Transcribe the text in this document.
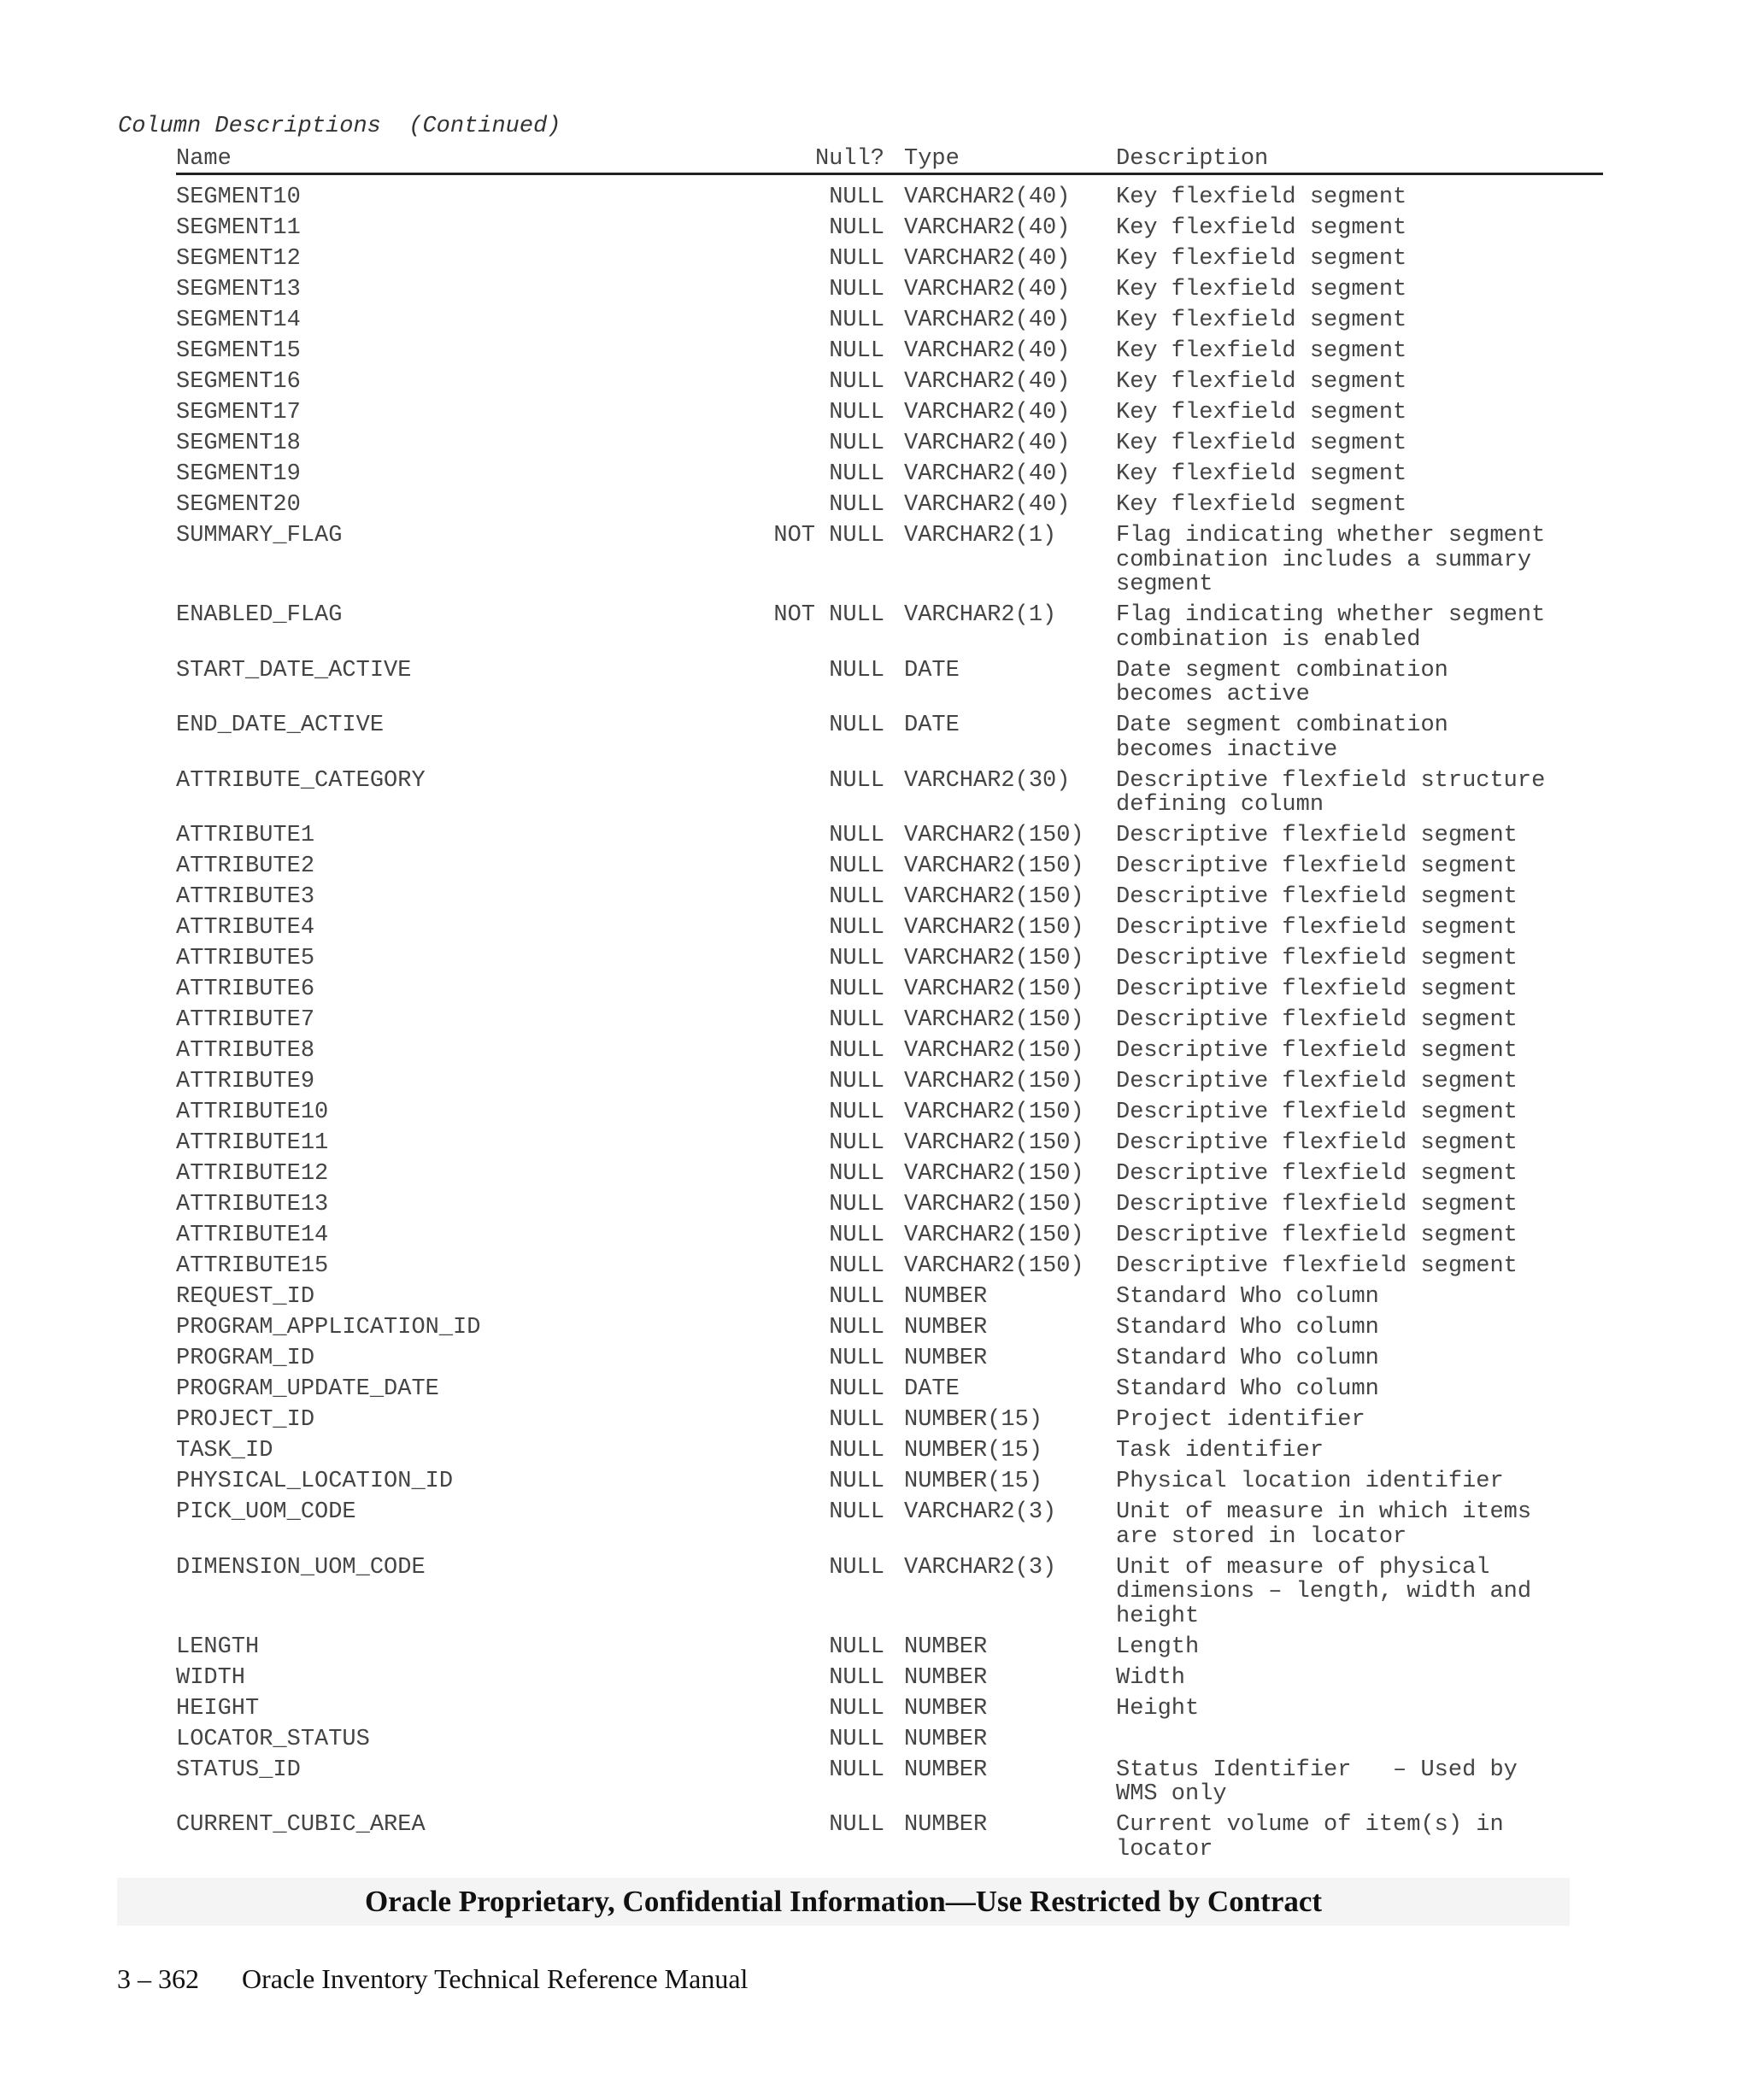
Column Descriptions  (Continued)
Name	Null? Type	Description
SEGMENT10	NULL VARCHAR2(40) Key flexfield segment
SEGMENT11	NULL VARCHAR2(40) Key flexfield segment
SEGMENT12	NULL VARCHAR2(40) Key flexfield segment
SEGMENT13	NULL VARCHAR2(40) Key flexfield segment
SEGMENT14	NULL VARCHAR2(40) Key flexfield segment
SEGMENT15	NULL VARCHAR2(40) Key flexfield segment
SEGMENT16	NULL VARCHAR2(40) Key flexfield segment
SEGMENT17	NULL VARCHAR2(40) Key flexfield segment
SEGMENT18	NULL VARCHAR2(40) Key flexfield segment
SEGMENT19	NULL VARCHAR2(40) Key flexfield segment
SEGMENT20	NULL VARCHAR2(40) Key flexfield segment
SUMMARY_FLAG	NOT NULL VARCHAR2(1)	Flag indicating whether segment
combination includes a summary
segment
ENABLED_FLAG	NOT NULL VARCHAR2(1)	Flag indicating whether segment
combination is enabled
START_DATE_ACTIVE	NULL DATE	Date segment combination
becomes active
END_DATE_ACTIVE	NULL DATE	Date segment combination
becomes inactive
ATTRIBUTE_CATEGORY	NULL VARCHAR2(30) Descriptive flexfield structure
defining column
ATTRIBUTE1	NULL VARCHAR2(150) Descriptive flexfield segment
ATTRIBUTE2	NULL VARCHAR2(150) Descriptive flexfield segment
ATTRIBUTE3	NULL VARCHAR2(150) Descriptive flexfield segment
ATTRIBUTE4	NULL VARCHAR2(150) Descriptive flexfield segment
ATTRIBUTE5	NULL VARCHAR2(150) Descriptive flexfield segment
ATTRIBUTE6	NULL VARCHAR2(150) Descriptive flexfield segment
ATTRIBUTE7	NULL VARCHAR2(150) Descriptive flexfield segment
ATTRIBUTE8	NULL VARCHAR2(150) Descriptive flexfield segment
ATTRIBUTE9	NULL VARCHAR2(150) Descriptive flexfield segment
ATTRIBUTE10	NULL VARCHAR2(150) Descriptive flexfield segment
ATTRIBUTE11	NULL VARCHAR2(150) Descriptive flexfield segment
ATTRIBUTE12	NULL VARCHAR2(150) Descriptive flexfield segment
ATTRIBUTE13	NULL VARCHAR2(150) Descriptive flexfield segment
ATTRIBUTE14	NULL VARCHAR2(150) Descriptive flexfield segment
ATTRIBUTE15	NULL VARCHAR2(150) Descriptive flexfield segment
REQUEST_ID	NULL NUMBER	Standard Who column
PROGRAM_APPLICATION_ID	NULL NUMBER	Standard Who column
PROGRAM_ID	NULL NUMBER	Standard Who column
PROGRAM_UPDATE_DATE	NULL DATE	Standard Who column
PROJECT_ID	NULL NUMBER(15)	Project identifier
TASK_ID	NULL NUMBER(15)	Task identifier
PHYSICAL_LOCATION_ID	NULL NUMBER(15)	Physical location identifier
PICK_UOM_CODE	NULL VARCHAR2(3)	Unit of measure in which items
are stored in locator
DIMENSION_UOM_CODE	NULL VARCHAR2(3)	Unit of measure of physical
dimensions – length, width and
height
LENGTH	NULL NUMBER	Length
WIDTH	NULL NUMBER	Width
HEIGHT	NULL NUMBER	Height
LOCATOR_STATUS	NULL NUMBER
STATUS_ID	NULL NUMBER	Status Identifier   – Used by
WMS only
CURRENT_CUBIC_AREA	NULL NUMBER	Current volume of item(s) in
locator
Oracle Proprietary, Confidential Information––Use Restricted by Contract
3 – 362 Oracle Inventory Technical Reference Manual
